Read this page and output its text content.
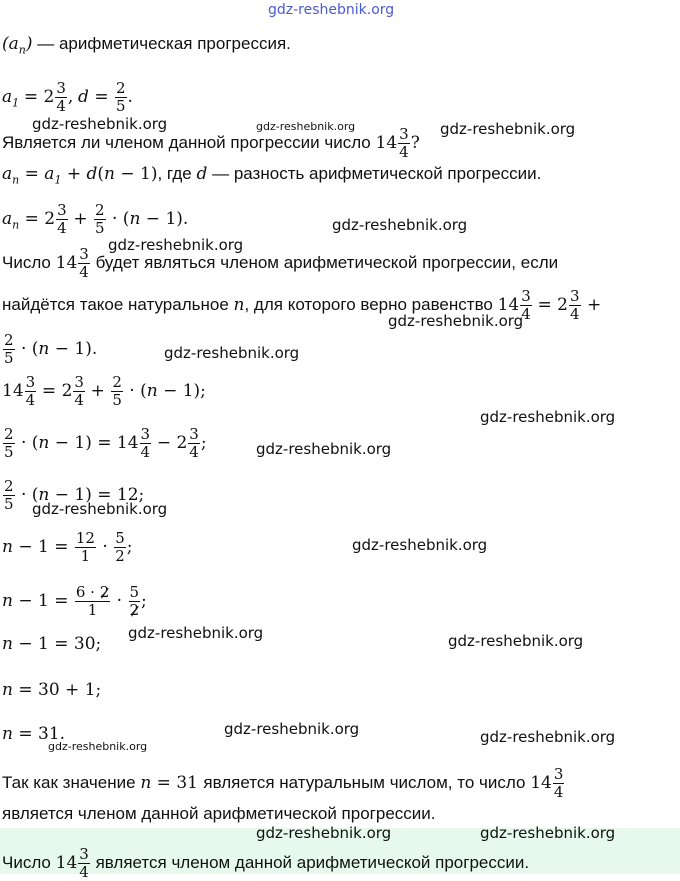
gdz-reshebnik.org
$(a_n)$ — арифметическая прогрессия.
$a_1 = 2 \frac{3}{4}$ , $d = \frac{2}{5}$ .
Является ли членом данной прогрессии число $14 \frac{3}{4}$ ?
$a_n = a_1 + d(n - 1)$, где d — разность арифметической прогрессии.
$a_n = 2 \frac{3}{4} + \frac{2}{5} \cdot (n - 1)$.
Число $14 \frac{3}{4}$ будет являться членом арифметической прогрессии, если
найдётся такое натуральное n, для которого верно равенство $14 \frac{3}{4} = 2 \frac{3}{4}$ +
$\frac{2}{5} \cdot (n - 1)$.
$14 \frac{3}{4} = 2 \frac{3}{4} + \frac{2}{5} \cdot (n - 1)$;
$\frac{2}{5} \cdot (n - 1) = 14 \frac{3}{4} - 2 \frac{3}{4}$ ;
$\frac{2}{5} \cdot (n - 1) = 12$;
$n - 1 = \frac{12}{1} \cdot \frac{5}{2}$ ;
$n - 1 = \frac{6 \cdot 2}{1} \cdot \frac{5}{2}$ ;
n − 1 = 30;
n = 30 + 1;
n = 31.
Так как значение n = 31 является натуральным числом, то число $14 \frac{3}{4}$
является членом данной арифметической прогрессии.
Число $14 \frac{3}{4}$ является членом данной арифметической прогрессии.
gdz-reshebnik.org	gdz-reshebnik.org	gdz-reshebnik.org
gdz-reshebnik.org
gdz-reshebnik.org
gdz-reshebnik.org
gdz-reshebnik.org
gdz-reshebnik.org
gdz-reshebnik.org
gdz-reshebnik.org
gdz-reshebnik.org
gdz-reshebnik.org	gdz-reshebnik.org
gdz-reshebnik.org	gdz-reshebnik.org
gdz-reshebnik.org
gdz-reshebnik.org	gdz-reshebnik.org
